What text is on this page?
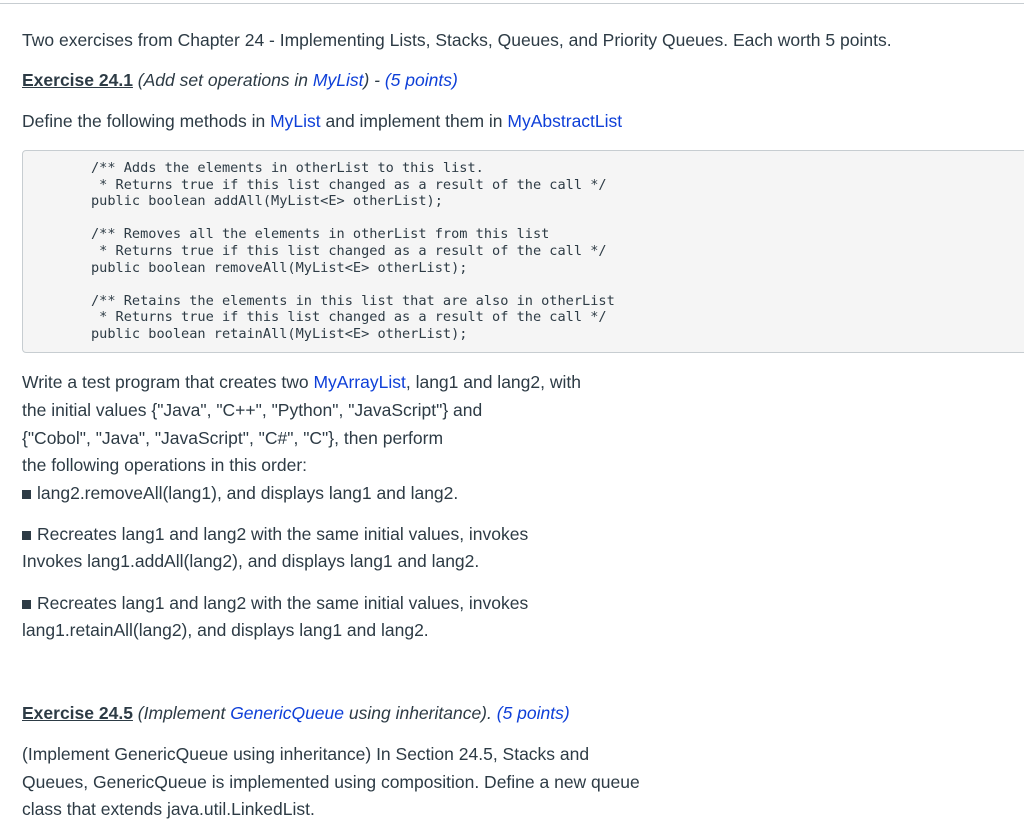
Two exercises from Chapter 24 - Implementing Lists, Stacks, Queues, and Priority Queues. Each worth 5 points.

Exercise 24.1 (Add set operations in MyList) - (5 points)

Define the following methods in MyList and implement them in MyAbstractList

/** Adds the elements in otherList to this list.
* Returns true if this list changed as a result of the call */
public boolean addAll(MyList<E> otherList);
/** Removes all the elements in otherList from this list
* Returns true if this list changed as a result of the call */
public boolean removeAll(MyList<E> otherList);
/** Retains the elements in this list that are also in otherList
* Returns true if this list changed as a result of the call */
public boolean retainAll(MyList<E> otherList);

Write a test program that creates two MyArrayList, lang1 and lang2, with

the initial values {"Java", "C++", "Python", "JavaScript"} and

{"Cobol", "Java", "JavaScript", "C#", "C"}, then perform

the following operations in this order:

lang2.removeAll(lang1), and displays lang1 and lang2.

Recreates lang1 and lang2 with the same initial values, invokes

Invokes lang1.addAll(lang2), and displays lang1 and lang2.

Recreates lang1 and lang2 with the same initial values, invokes

lang1.retainAll(lang2), and displays lang1 and lang2.

Exercise 24.5 (Implement GenericQueue using inheritance). (5 points)

(Implement GenericQueue using inheritance) In Section 24.5, Stacks and

Queues, GenericQueue is implemented using composition. Define a new queue

class that extends java.util.LinkedList.
